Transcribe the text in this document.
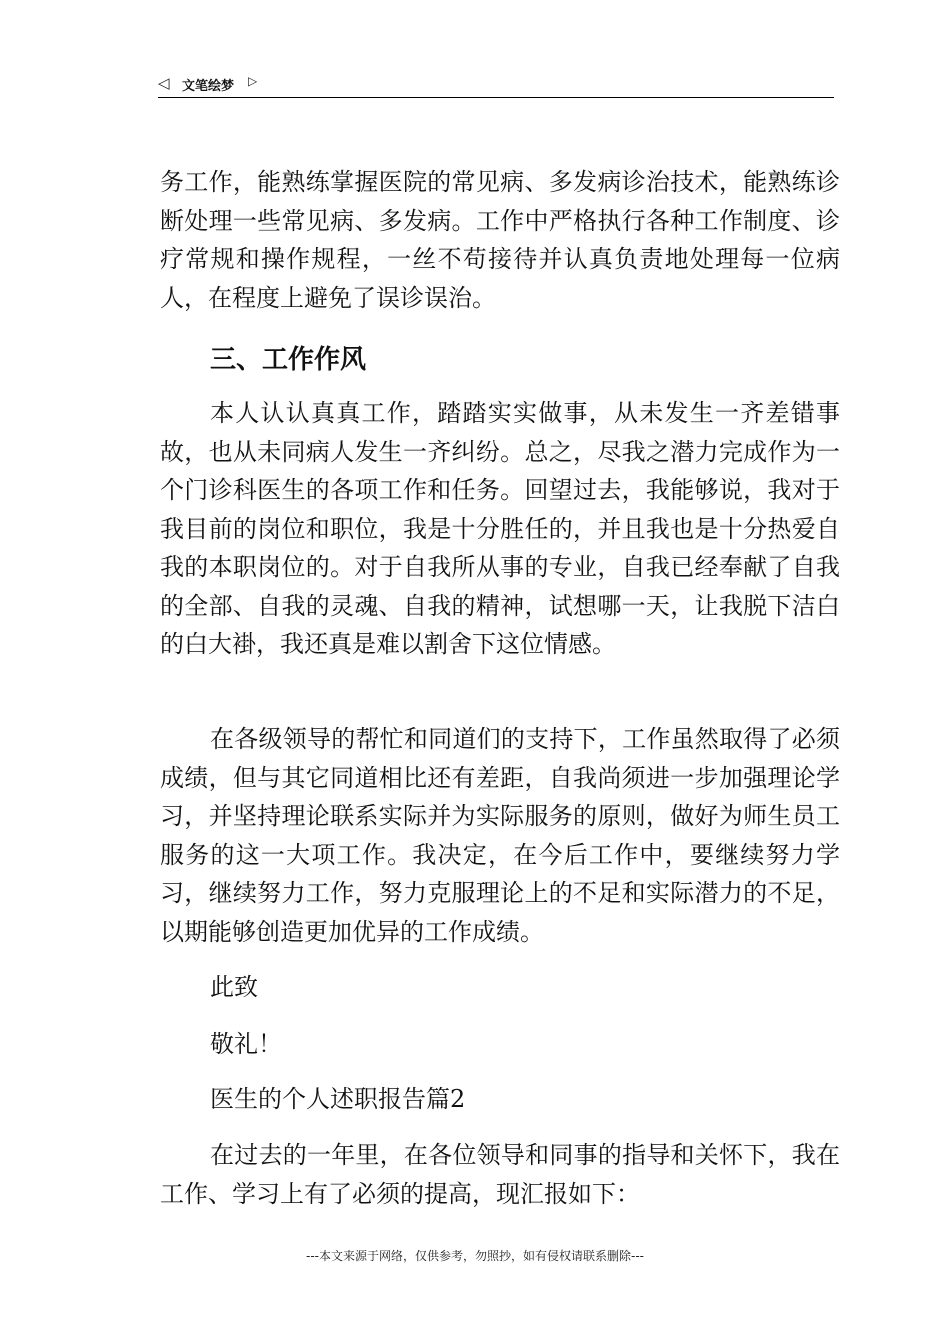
◁ 文笔绘梦 ▷

务工作，能熟练掌握医院的常见病、多发病诊治技术，能熟练诊断处理一些常见病、多发病。工作中严格执行各种工作制度、诊疗常规和操作规程，一丝不苟接待并认真负责地处理每一位病人，在程度上避免了误诊误治。

三、工作作风

本人认认真真工作，踏踏实实做事，从未发生一齐差错事故，也从未同病人发生一齐纠纷。总之，尽我之潜力完成作为一个门诊科医生的各项工作和任务。回望过去，我能够说，我对于我目前的岗位和职位，我是十分胜任的，并且我也是十分热爱自我的本职岗位的。对于自我所从事的专业，自我已经奉献了自我的全部、自我的灵魂、自我的精神，试想哪一天，让我脱下洁白的白大褂，我还真是难以割舍下这位情感。

在各级领导的帮忙和同道们的支持下，工作虽然取得了必须成绩，但与其它同道相比还有差距，自我尚须进一步加强理论学习，并坚持理论联系实际并为实际服务的原则，做好为师生员工服务的这一大项工作。我决定，在今后工作中，要继续努力学习，继续努力工作，努力克服理论上的不足和实际潜力的不足，以期能够创造更加优异的工作成绩。

此致

敬礼！

医生的个人述职报告篇2

在过去的一年里，在各位领导和同事的指导和关怀下，我在工作、学习上有了必须的提高，现汇报如下：

---本文来源于网络，仅供参考，勿照抄，如有侵权请联系删除---
